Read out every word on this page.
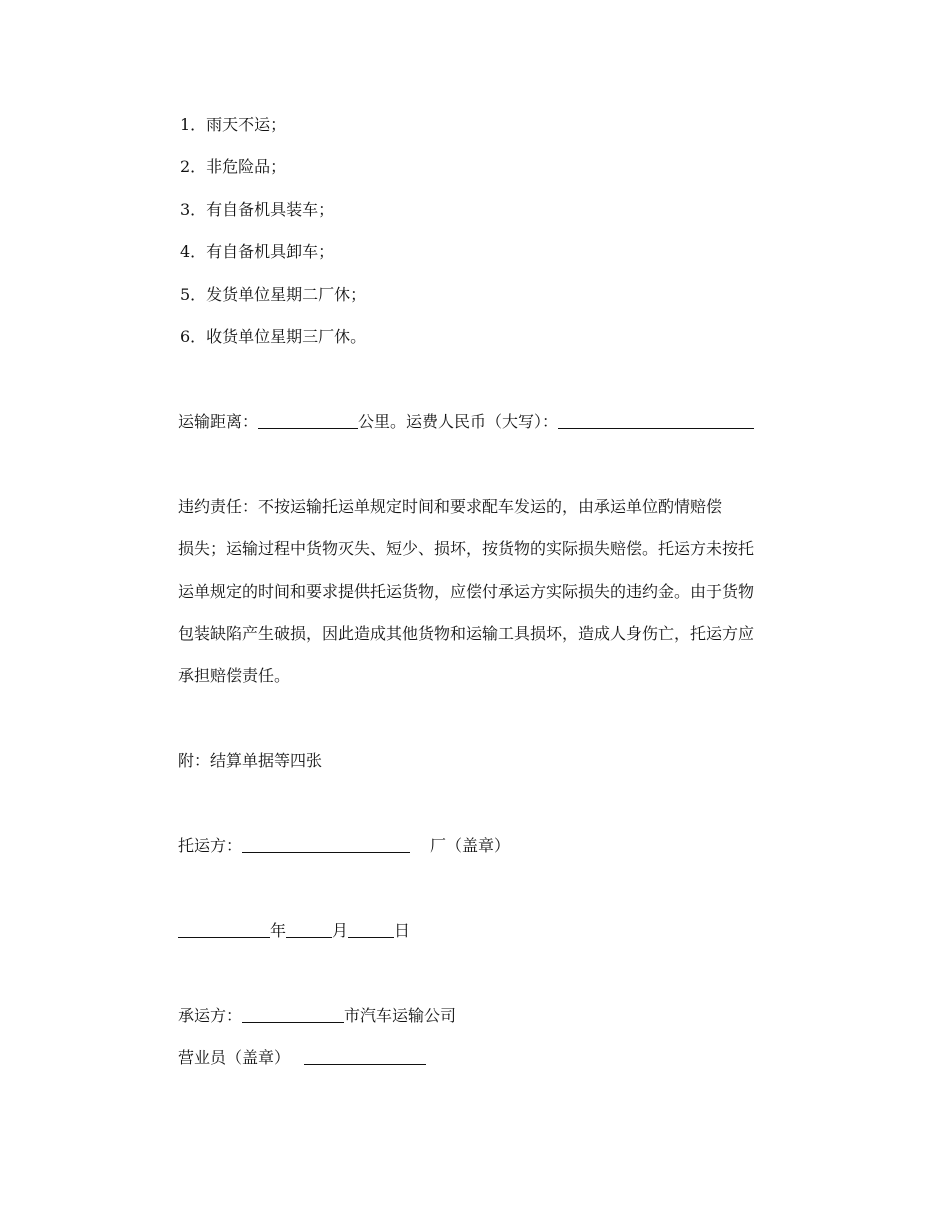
1．雨天不运；
2．非危险品；
3．有自备机具装车；
4．有自备机具卸车；
5．发货单位星期二厂休；
6．收货单位星期三厂休。
运输距离：	公里。运费人民币（大写）：
违约责任：不按运输托运单规定时间和要求配车发运的，由承运单位酌情赔偿
损失；运输过程中货物灭失、短少、损坏，按货物的实际损失赔偿。托运方未按托
运单规定的时间和要求提供托运货物，应偿付承运方实际损失的违约金。由于货物
包装缺陷产生破损，因此造成其他货物和运输工具损坏，造成人身伤亡，托运方应
承担赔偿责任。
附：结算单据等四张
托运方：	厂（盖章）
年	月	日
承运方：	市汽车运输公司
营业员（盖章）
